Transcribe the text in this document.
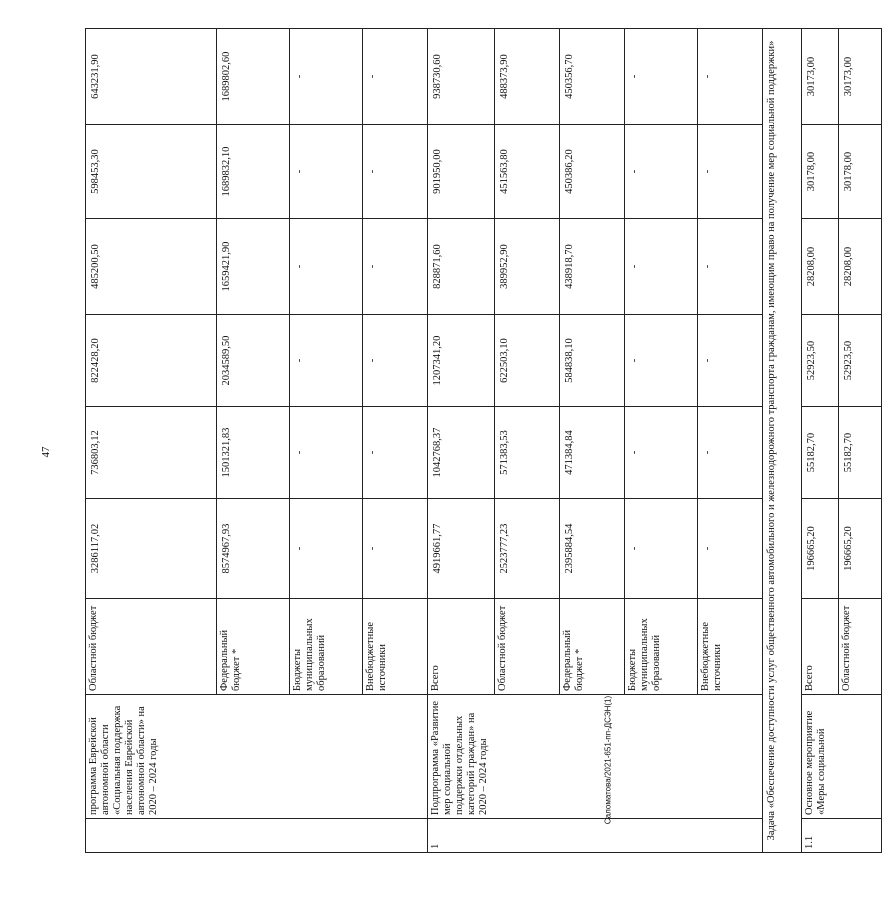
47
Саломатова/2021-651-пп-ДСЭН(1)
	программа Еврейской автономной области «Социальная поддержка населения Еврейской автономной области» на 2020 – 2024 годы	Областной бюджет	3286117,02	736803,12	822428,20	485200,50	598453,30	643231,90
		Федеральный бюджет *	8574967,93	1501321,83	2034589,50	1659421,90	1689832,10	1689802,60
		Бюджеты муниципальных образований	-	-	-	-	-	-
		Внебюджетные источники	-	-	-	-	-	-
1	Подпрограмма «Развитие мер социальной поддержки отдельных категорий граждан» на 2020 – 2024 годы	Всего	4919661,77	1042768,37	1207341,20	828871,60	901950,00	938730,60
		Областной бюджет	2523777,23	571383,53	622503,10	389952,90	451563,80	488373,90
		Федеральный бюджет *	2395884,54	471384,84	584838,10	438918,70	450386,20	450356,70
		Бюджеты муниципальных образований	-	-	-	-	-	-
		Внебюджетные источники	-	-	-	-	-	-
Задача «Обеспечение доступности услуг общественного автомобильного и железнодорожного транспорта гражданам, имеющим право на получение мер социальной поддержки»								
1.1	Основное мероприятие «Меры социальной	Всего	196665,20	55182,70	52923,50	28208,00	30178,00	30173,00
		Областной бюджет	196665,20	55182,70	52923,50	28208,00	30178,00	30173,00
